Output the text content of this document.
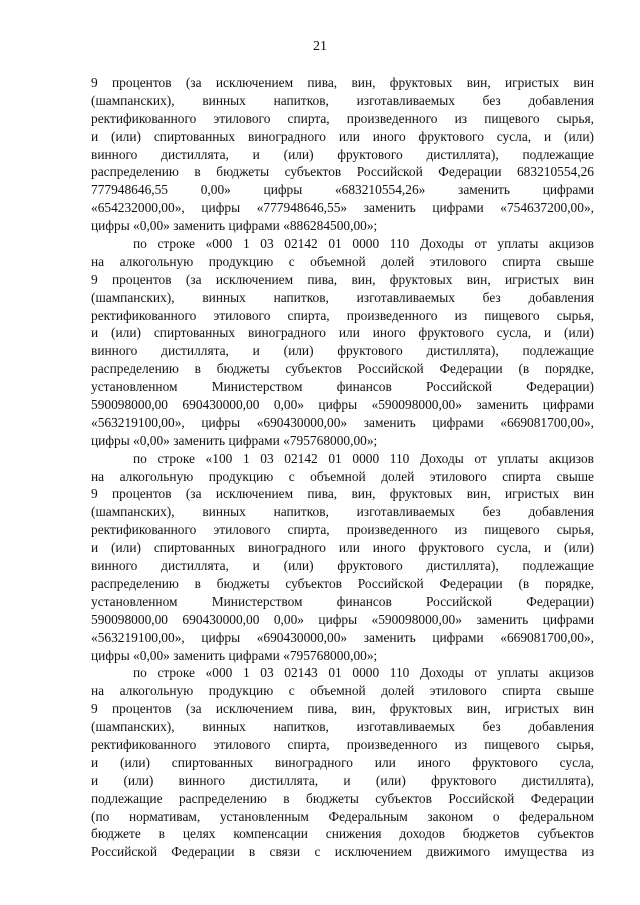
21
9 процентов (за исключением пива, вин, фруктовых вин, игристых вин
(шампанских), винных напитков, изготавливаемых без добавления
ректификованного этилового спирта, произведенного из пищевого сырья,
и (или) спиртованных виноградного или иного фруктового сусла, и (или)
винного дистиллята, и (или) фруктового дистиллята), подлежащие
распределению в бюджеты субъектов Российской Федерации 683210554,26
777948646,55 0,00» цифры «683210554,26» заменить цифрами
«654232000,00», цифры «777948646,55» заменить цифрами «754637200,00»,
цифры «0,00» заменить цифрами «886284500,00»;
по строке «000 1 03 02142 01 0000 110 Доходы от уплаты акцизов
на алкогольную продукцию с объемной долей этилового спирта свыше
9 процентов (за исключением пива, вин, фруктовых вин, игристых вин
(шампанских), винных напитков, изготавливаемых без добавления
ректификованного этилового спирта, произведенного из пищевого сырья,
и (или) спиртованных виноградного или иного фруктового сусла, и (или)
винного дистиллята, и (или) фруктового дистиллята), подлежащие
распределению в бюджеты субъектов Российской Федерации (в порядке,
установленном Министерством финансов Российской Федерации)
590098000,00 690430000,00 0,00» цифры «590098000,00» заменить цифрами
«563219100,00», цифры «690430000,00» заменить цифрами «669081700,00»,
цифры «0,00» заменить цифрами «795768000,00»;
по строке «100 1 03 02142 01 0000 110 Доходы от уплаты акцизов
на алкогольную продукцию с объемной долей этилового спирта свыше
9 процентов (за исключением пива, вин, фруктовых вин, игристых вин
(шампанских), винных напитков, изготавливаемых без добавления
ректификованного этилового спирта, произведенного из пищевого сырья,
и (или) спиртованных виноградного или иного фруктового сусла, и (или)
винного дистиллята, и (или) фруктового дистиллята), подлежащие
распределению в бюджеты субъектов Российской Федерации (в порядке,
установленном Министерством финансов Российской Федерации)
590098000,00 690430000,00 0,00» цифры «590098000,00» заменить цифрами
«563219100,00», цифры «690430000,00» заменить цифрами «669081700,00»,
цифры «0,00» заменить цифрами «795768000,00»;
по строке «000 1 03 02143 01 0000 110 Доходы от уплаты акцизов
на алкогольную продукцию с объемной долей этилового спирта свыше
9 процентов (за исключением пива, вин, фруктовых вин, игристых вин
(шампанских), винных напитков, изготавливаемых без добавления
ректификованного этилового спирта, произведенного из пищевого сырья,
и (или) спиртованных виноградного или иного фруктового сусла,
и (или) винного дистиллята, и (или) фруктового дистиллята),
подлежащие распределению в бюджеты субъектов Российской Федерации
(по нормативам, установленным Федеральным законом о федеральном
бюджете в целях компенсации снижения доходов бюджетов субъектов
Российской Федерации в связи с исключением движимого имущества из
